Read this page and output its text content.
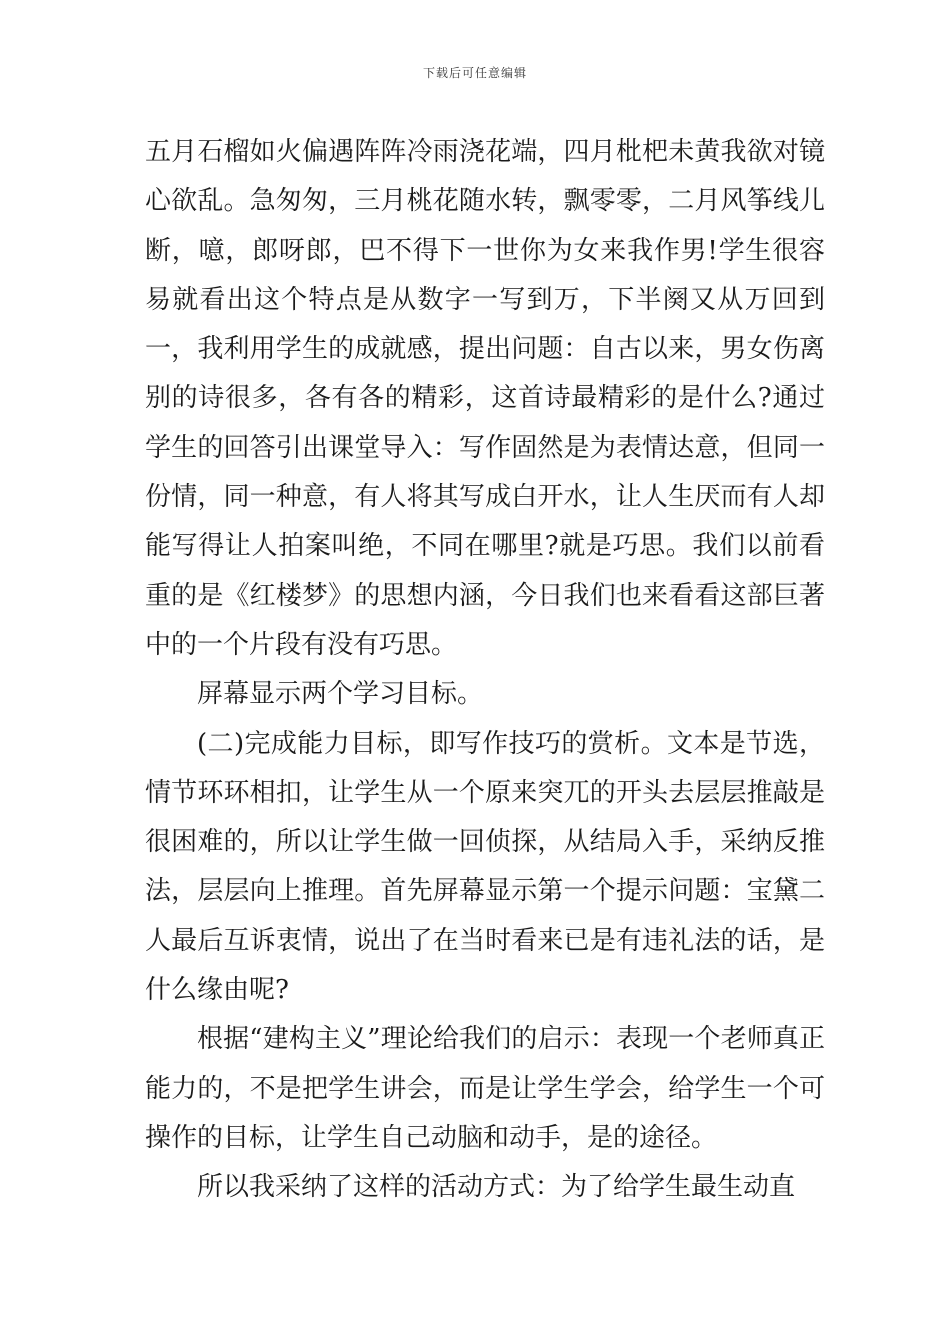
下载后可任意编辑

五月石榴如火偏遇阵阵冷雨浇花端，四月枇杷未黄我欲对镜心欲乱。急匆匆，三月桃花随水转，飘零零，二月风筝线儿断，噫，郎呀郎，巴不得下一世你为女来我作男!学生很容易就看出这个特点是从数字一写到万，下半阕又从万回到一，我利用学生的成就感，提出问题：自古以来，男女伤离别的诗很多，各有各的精彩，这首诗最精彩的是什么?通过学生的回答引出课堂导入：写作固然是为表情达意，但同一份情，同一种意，有人将其写成白开水，让人生厌而有人却能写得让人拍案叫绝，不同在哪里?就是巧思。我们以前看重的是《红楼梦》的思想内涵，今日我们也来看看这部巨著中的一个片段有没有巧思。

屏幕显示两个学习目标。

(二)完成能力目标，即写作技巧的赏析。文本是节选，情节环环相扣，让学生从一个原来突兀的开头去层层推敲是很困难的，所以让学生做一回侦探，从结局入手，采纳反推法，层层向上推理。首先屏幕显示第一个提示问题：宝黛二人最后互诉衷情，说出了在当时看来已是有违礼法的话，是什么缘由呢?

根据“建构主义”理论给我们的启示：表现一个老师真正能力的，不是把学生讲会，而是让学生学会，给学生一个可操作的目标，让学生自己动脑和动手，是的途径。

所以我采纳了这样的活动方式：为了给学生最生动直
